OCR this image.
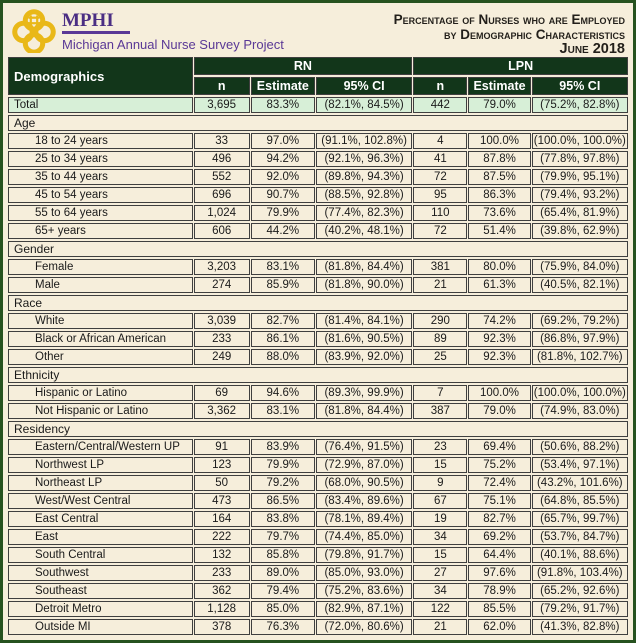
MPHI
Michigan Annual Nurse Survey Project
Percentage of Nurses who are Employed
by Demographic Characteristics
June 2018
Demographics	RN			LPN		
	n	Estimate	95% CI	n	Estimate	95% CI
Total	3,695	83.3%	(82.1%, 84.5%)	442	79.0%	(75.2%, 82.8%)
Age						
18 to 24 years	33	97.0%	(91.1%, 102.8%)	4	100.0%	(100.0%, 100.0%)
25 to 34 years	496	94.2%	(92.1%, 96.3%)	41	87.8%	(77.8%, 97.8%)
35 to 44 years	552	92.0%	(89.8%, 94.3%)	72	87.5%	(79.9%, 95.1%)
45 to 54 years	696	90.7%	(88.5%, 92.8%)	95	86.3%	(79.4%, 93.2%)
55 to 64 years	1,024	79.9%	(77.4%, 82.3%)	110	73.6%	(65.4%, 81.9%)
65+ years	606	44.2%	(40.2%, 48.1%)	72	51.4%	(39.8%, 62.9%)
Gender						
Female	3,203	83.1%	(81.8%, 84.4%)	381	80.0%	(75.9%, 84.0%)
Male	274	85.9%	(81.8%, 90.0%)	21	61.3%	(40.5%, 82.1%)
Race						
White	3,039	82.7%	(81.4%, 84.1%)	290	74.2%	(69.2%, 79.2%)
Black or African American	233	86.1%	(81.6%, 90.5%)	89	92.3%	(86.8%, 97.9%)
Other	249	88.0%	(83.9%, 92.0%)	25	92.3%	(81.8%, 102.7%)
Ethnicity						
Hispanic or Latino	69	94.6%	(89.3%, 99.9%)	7	100.0%	(100.0%, 100.0%)
Not Hispanic or Latino	3,362	83.1%	(81.8%, 84.4%)	387	79.0%	(74.9%, 83.0%)
Residency						
Eastern/Central/Western UP	91	83.9%	(76.4%, 91.5%)	23	69.4%	(50.6%, 88.2%)
Northwest LP	123	79.9%	(72.9%, 87.0%)	15	75.2%	(53.4%, 97.1%)
Northeast LP	50	79.2%	(68.0%, 90.5%)	9	72.4%	(43.2%, 101.6%)
West/West Central	473	86.5%	(83.4%, 89.6%)	67	75.1%	(64.8%, 85.5%)
East Central	164	83.8%	(78.1%, 89.4%)	19	82.7%	(65.7%, 99.7%)
East	222	79.7%	(74.4%, 85.0%)	34	69.2%	(53.7%, 84.7%)
South Central	132	85.8%	(79.8%, 91.7%)	15	64.4%	(40.1%, 88.6%)
Southwest	233	89.0%	(85.0%, 93.0%)	27	97.6%	(91.8%, 103.4%)
Southeast	362	79.4%	(75.2%, 83.6%)	34	78.9%	(65.2%, 92.6%)
Detroit Metro	1,128	85.0%	(82.9%, 87.1%)	122	85.5%	(79.2%, 91.7%)
Outside MI	378	76.3%	(72.0%, 80.6%)	21	62.0%	(41.3%, 82.8%)
